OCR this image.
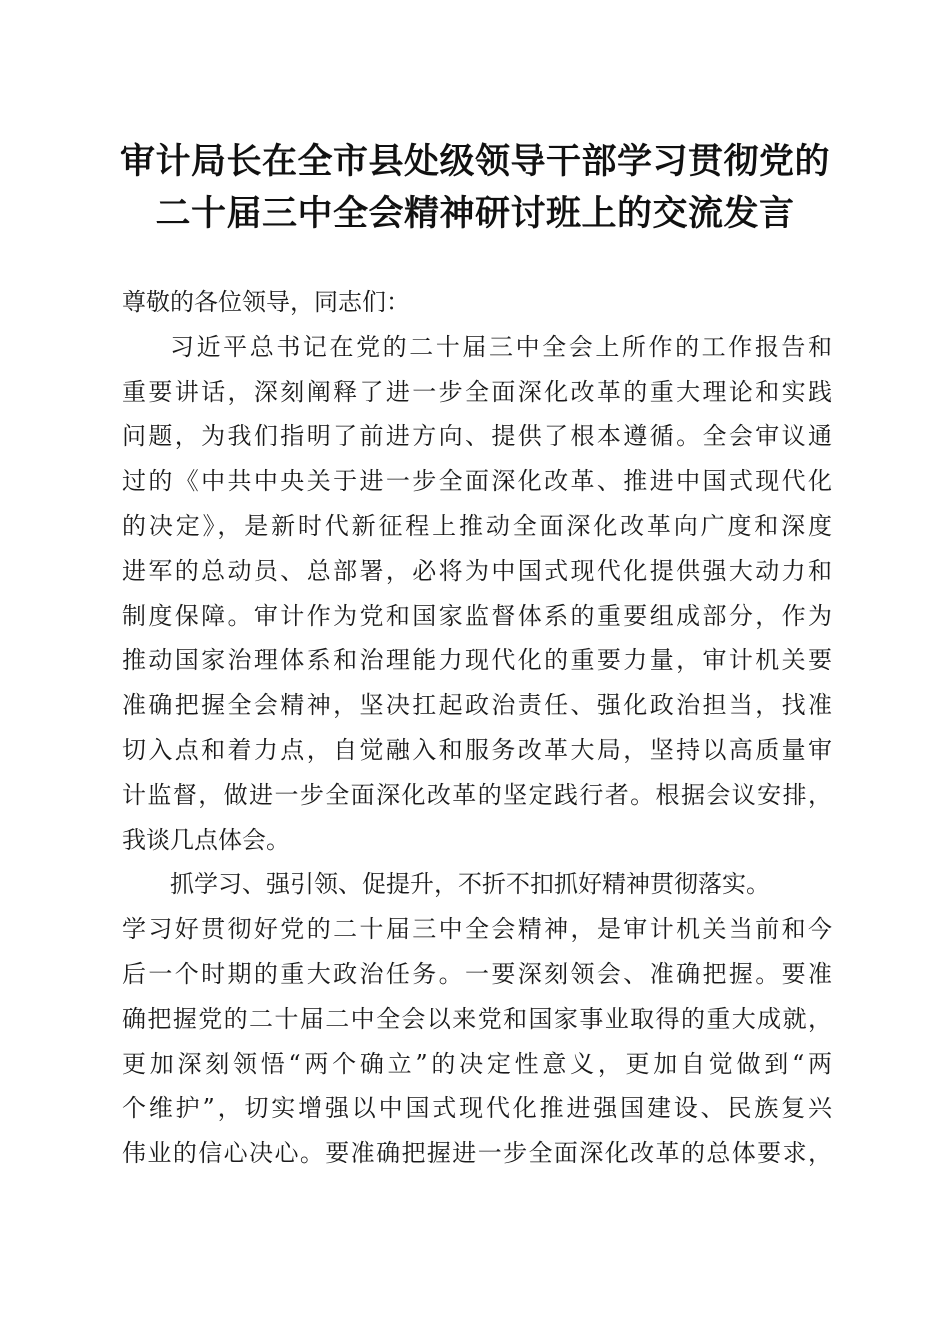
审计局长在全市县处级领导干部学习贯彻党的
二十届三中全会精神研讨班上的交流发言
尊敬的各位领导，同志们：
习近平总书记在党的二十届三中全会上所作的工作报告和
重要讲话，深刻阐释了进一步全面深化改革的重大理论和实践
问题，为我们指明了前进方向、提供了根本遵循。全会审议通
过的《中共中央关于进一步全面深化改革、推进中国式现代化
的决定》，是新时代新征程上推动全面深化改革向广度和深度
进军的总动员、总部署，必将为中国式现代化提供强大动力和
制度保障。审计作为党和国家监督体系的重要组成部分，作为
推动国家治理体系和治理能力现代化的重要力量，审计机关要
准确把握全会精神，坚决扛起政治责任、强化政治担当，找准
切入点和着力点，自觉融入和服务改革大局，坚持以高质量审
计监督，做进一步全面深化改革的坚定践行者。根据会议安排，
我谈几点体会。
抓学习、强引领、促提升，不折不扣抓好精神贯彻落实。
学习好贯彻好党的二十届三中全会精神，是审计机关当前和今
后一个时期的重大政治任务。一要深刻领会、准确把握。要准
确把握党的二十届二中全会以来党和国家事业取得的重大成就，
更加深刻领悟“两个确立”的决定性意义，更加自觉做到“两
个维护”，切实增强以中国式现代化推进强国建设、民族复兴
伟业的信心决心。要准确把握进一步全面深化改革的总体要求，
